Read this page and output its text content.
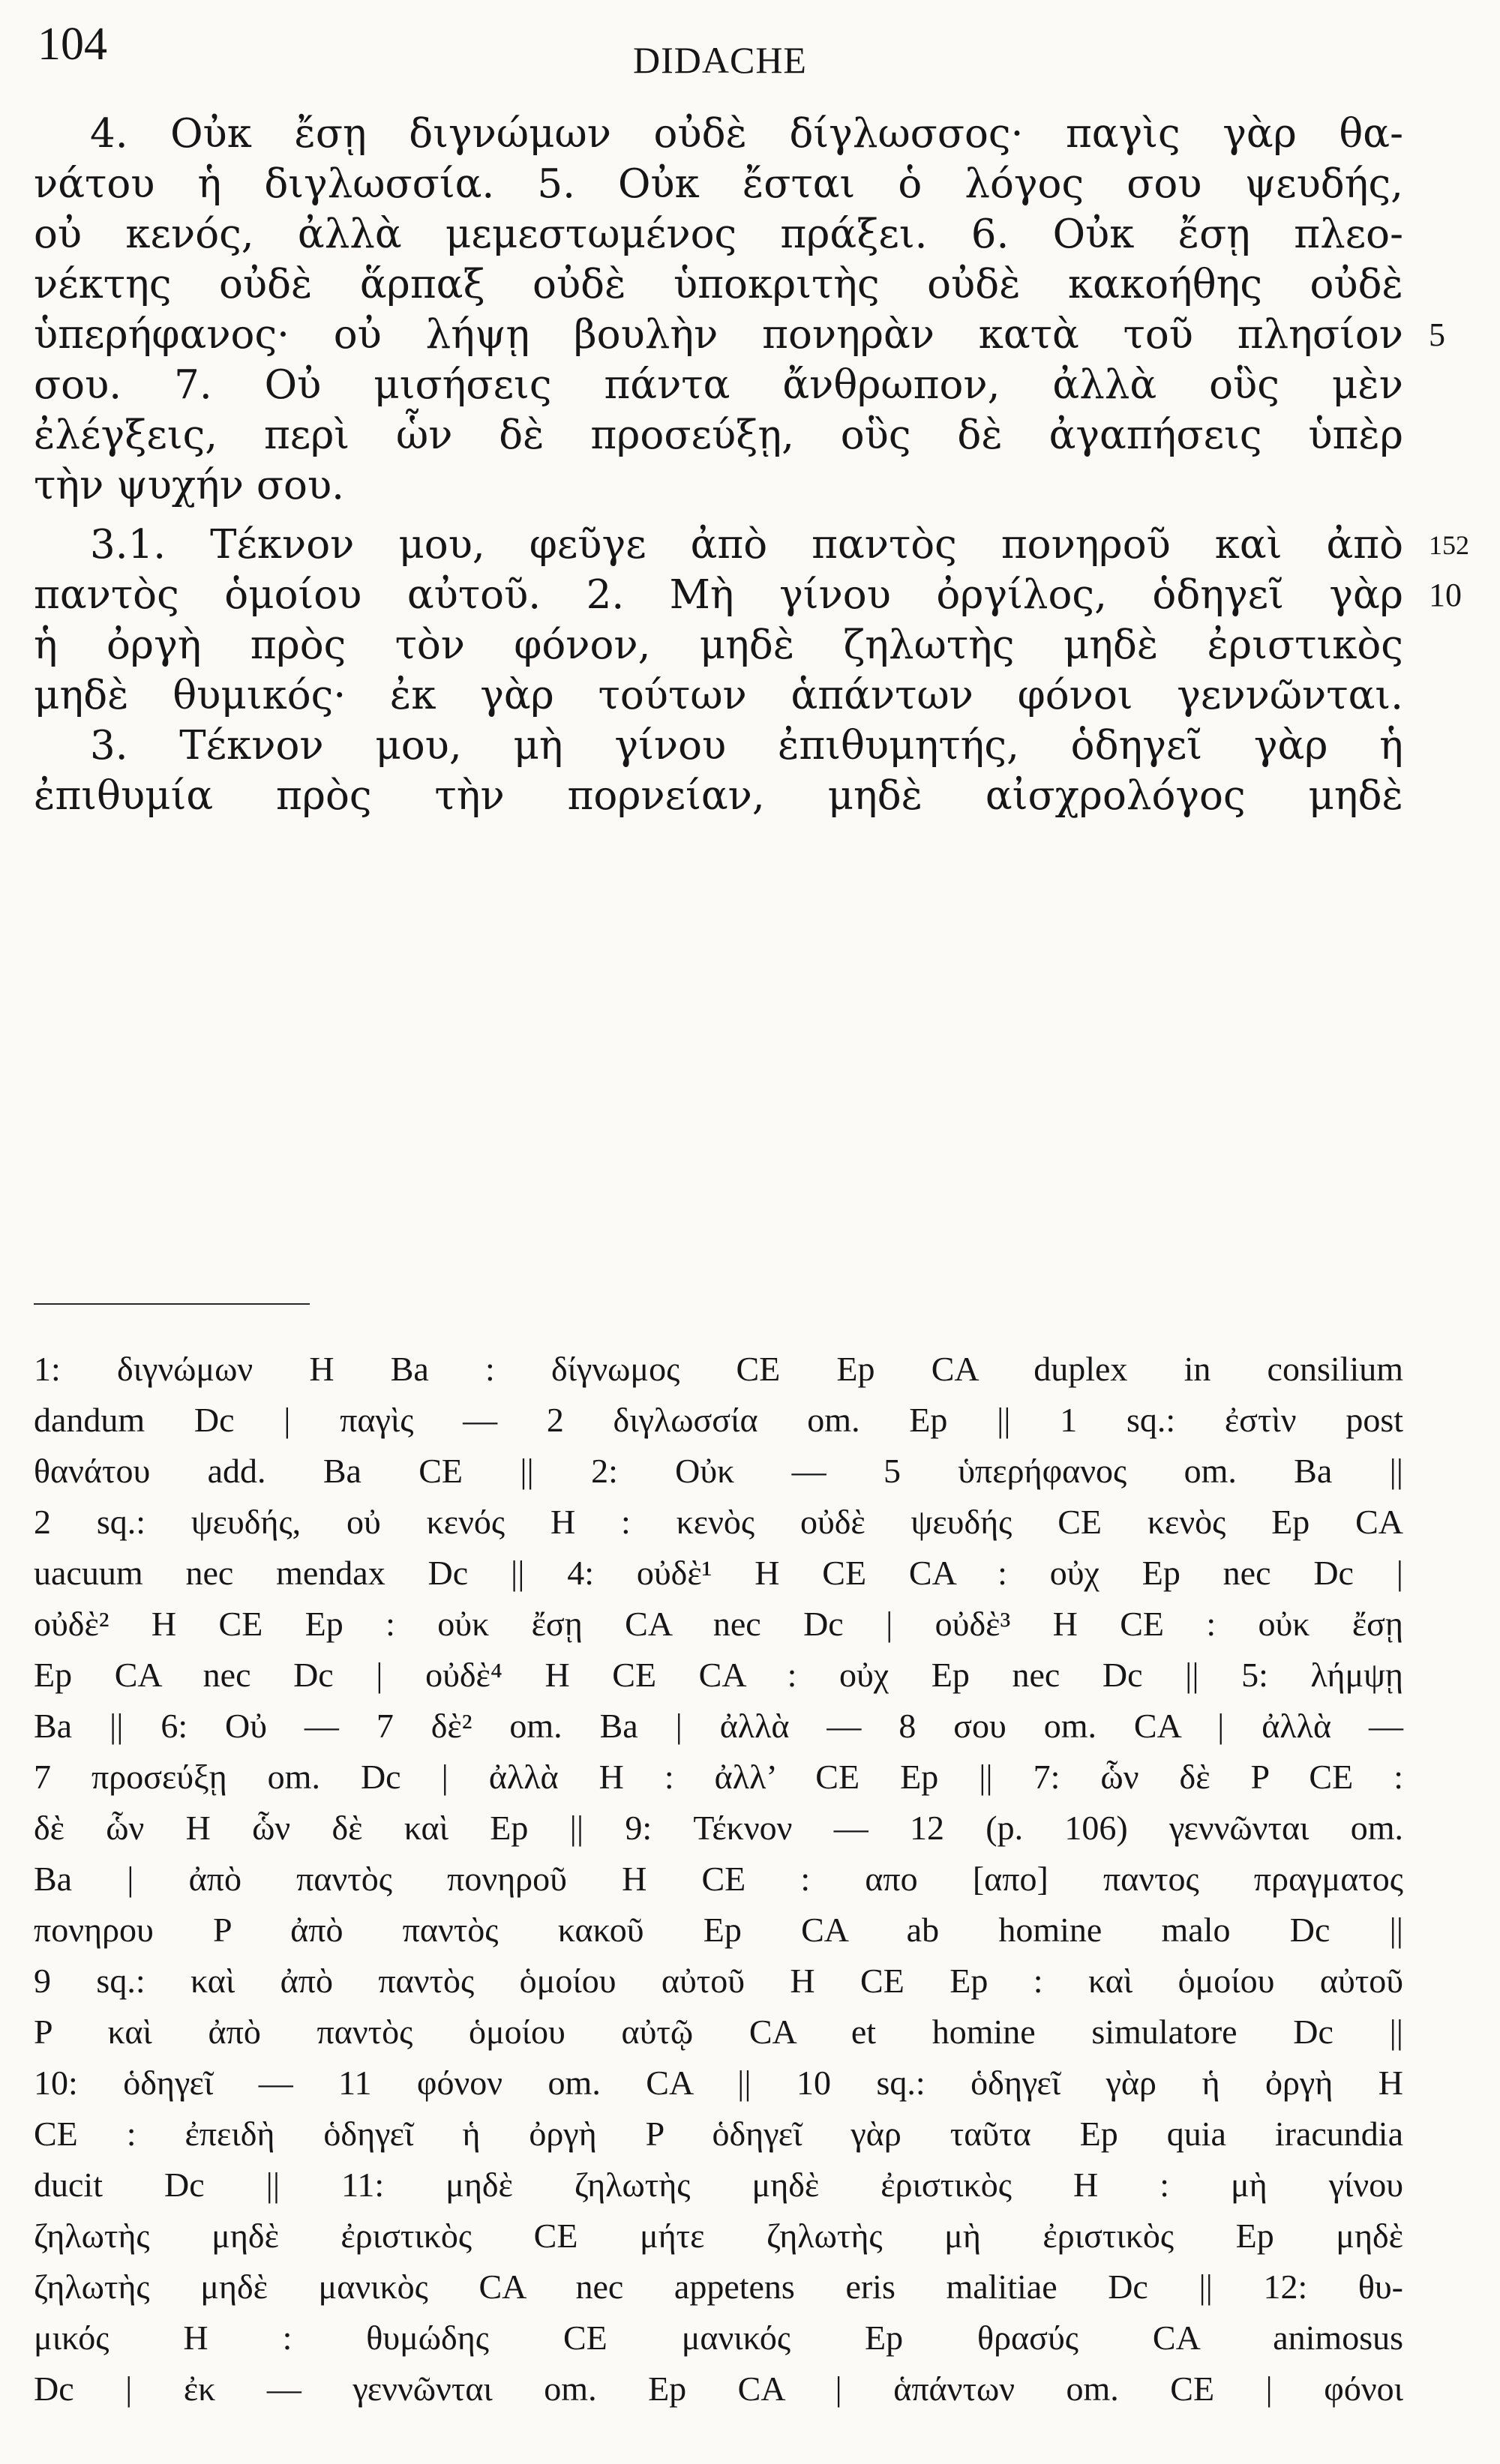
104	DIDACHE
4. Οὐκ ἔσῃ διγνώμων οὐδὲ δίγλωσσος· παγὶς γὰρ θα-
νάτου ἡ διγλωσσία. 5. Οὐκ ἔσται ὁ λόγος σου ψευδής,
οὐ κενός, ἀλλὰ μεμεστωμένος πράξει. 6. Οὐκ ἔσῃ πλεο-
νέκτης οὐδὲ ἅρπαξ οὐδὲ ὑποκριτὴς οὐδὲ κακοήθης οὐδὲ
ὑπερήφανος· οὐ λήψῃ βουλὴν πονηρὰν κατὰ τοῦ πλησίον
σου. 7. Οὐ μισήσεις πάντα ἄνθρωπον, ἀλλὰ οὓς μὲν
ἐλέγξεις, περὶ ὧν δὲ προσεύξῃ, οὓς δὲ ἀγαπήσεις ὑπὲρ
τὴν ψυχήν σου.
3.1. Τέκνον μου, φεῦγε ἀπὸ παντὸς πονηροῦ καὶ ἀπὸ
παντὸς ὁμοίου αὐτοῦ. 2. Μὴ γίνου ὀργίλος, ὁδηγεῖ γὰρ
ἡ ὀργὴ πρὸς τὸν φόνον, μηδὲ ζηλωτὴς μηδὲ ἐριστικὸς
μηδὲ θυμικός· ἐκ γὰρ τούτων ἁπάντων φόνοι γεννῶνται.
3. Τέκνον μου, μὴ γίνου ἐπιθυμητής, ὁδηγεῖ γὰρ ἡ
ἐπιθυμία πρὸς τὴν πορνείαν, μηδὲ αἰσχρολόγος μηδὲ
5
152
10
1: διγνώμων H Ba : δίγνωμος CE Ep CA duplex in consilium
dandum Dc | παγὶς — 2 διγλωσσία om. Ep || 1 sq.: ἐστὶν post
θανάτου add. Ba CE || 2: Οὐκ — 5 ὑπερήφανος om. Ba ||
2 sq.: ψευδής, οὐ κενός H : κενὸς οὐδὲ ψευδής CE κενὸς Ep CA
uacuum nec mendax Dc || 4: οὐδὲ¹ H CE CA : οὐχ Ep nec Dc |
οὐδὲ² H CE Ep : οὐκ ἔσῃ CA nec Dc | οὐδὲ³ H CE : οὐκ ἔσῃ
Ep CA nec Dc | οὐδὲ⁴ H CE CA : οὐχ Ep nec Dc || 5: λήμψῃ
Ba || 6: Οὐ — 7 δὲ² om. Ba | ἀλλὰ — 8 σου om. CA | ἀλλὰ —
7 προσεύξῃ om. Dc | ἀλλὰ H : ἀλλ’ CE Ep || 7: ὧν δὲ P CE :
δὲ ὧν H ὧν δὲ καὶ Ep || 9: Τέκνον — 12 (p. 106) γεννῶνται om.
Ba | ἀπὸ παντὸς πονηροῦ H CE : απο [απο] παντος πραγματος
πονηρου P ἀπὸ παντὸς κακοῦ Ep CA ab homine malo Dc ||
9 sq.: καὶ ἀπὸ παντὸς ὁμοίου αὐτοῦ H CE Ep : καὶ ὁμοίου αὐτοῦ
P καὶ ἀπὸ παντὸς ὁμοίου αὐτῷ CA et homine simulatore Dc ||
10: ὁδηγεῖ — 11 φόνον om. CA || 10 sq.: ὁδηγεῖ γὰρ ἡ ὀργὴ H
CE : ἐπειδὴ ὁδηγεῖ ἡ ὀργὴ P ὁδηγεῖ γὰρ ταῦτα Ep quia iracundia
ducit Dc || 11: μηδὲ ζηλωτὴς μηδὲ ἐριστικὸς H : μὴ γίνου
ζηλωτὴς μηδὲ ἐριστικὸς CE μήτε ζηλωτὴς μὴ ἐριστικὸς Ep μηδὲ
ζηλωτὴς μηδὲ μανικὸς CA nec appetens eris malitiae Dc || 12: θυ-
μικός H : θυμώδης CE μανικός Ep θρασύς CA animosus
Dc | ἐκ — γεννῶνται om. Ep CA | ἁπάντων om. CE | φόνοι
